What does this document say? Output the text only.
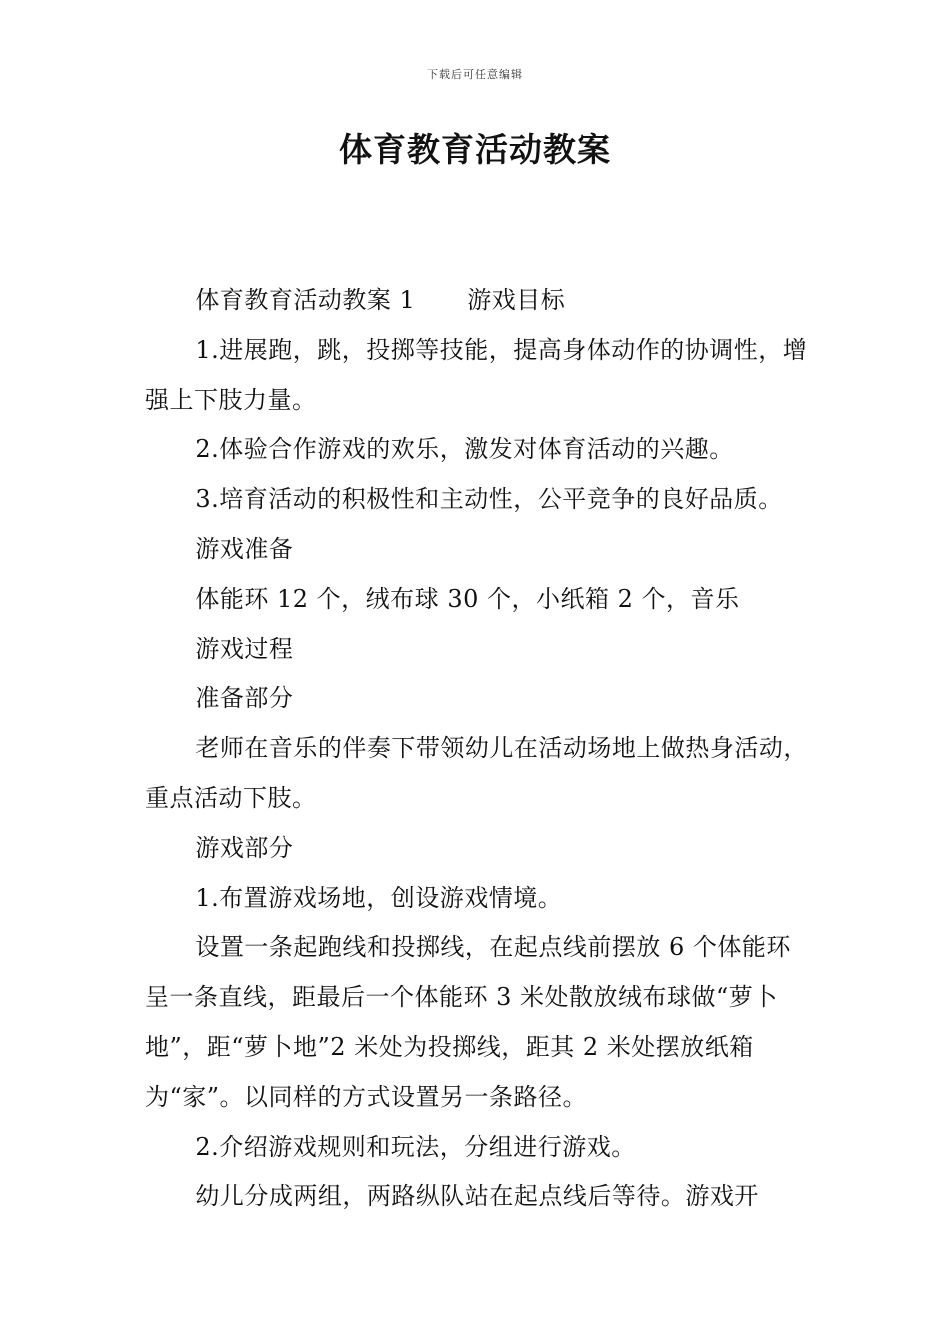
下载后可任意编辑
体育教育活动教案

体育教育活动教案 1 游戏目标

1.进展跑，跳，投掷等技能，提高身体动作的协调性，增强上下肢力量。

2.体验合作游戏的欢乐，激发对体育活动的兴趣。

3.培育活动的积极性和主动性，公平竞争的良好品质。

游戏准备

体能环 12 个，绒布球 30 个，小纸箱 2 个，音乐

游戏过程

准备部分

老师在音乐的伴奏下带领幼儿在活动场地上做热身活动，重点活动下肢。

游戏部分

1.布置游戏场地，创设游戏情境。

设置一条起跑线和投掷线，在起点线前摆放 6 个体能环呈一条直线，距最后一个体能环 3 米处散放绒布球做“萝卜地”，距“萝卜地”2 米处为投掷线，距其 2 米处摆放纸箱为“家”。以同样的方式设置另一条路径。

2.介绍游戏规则和玩法，分组进行游戏。

幼儿分成两组，两路纵队站在起点线后等待。游戏开
